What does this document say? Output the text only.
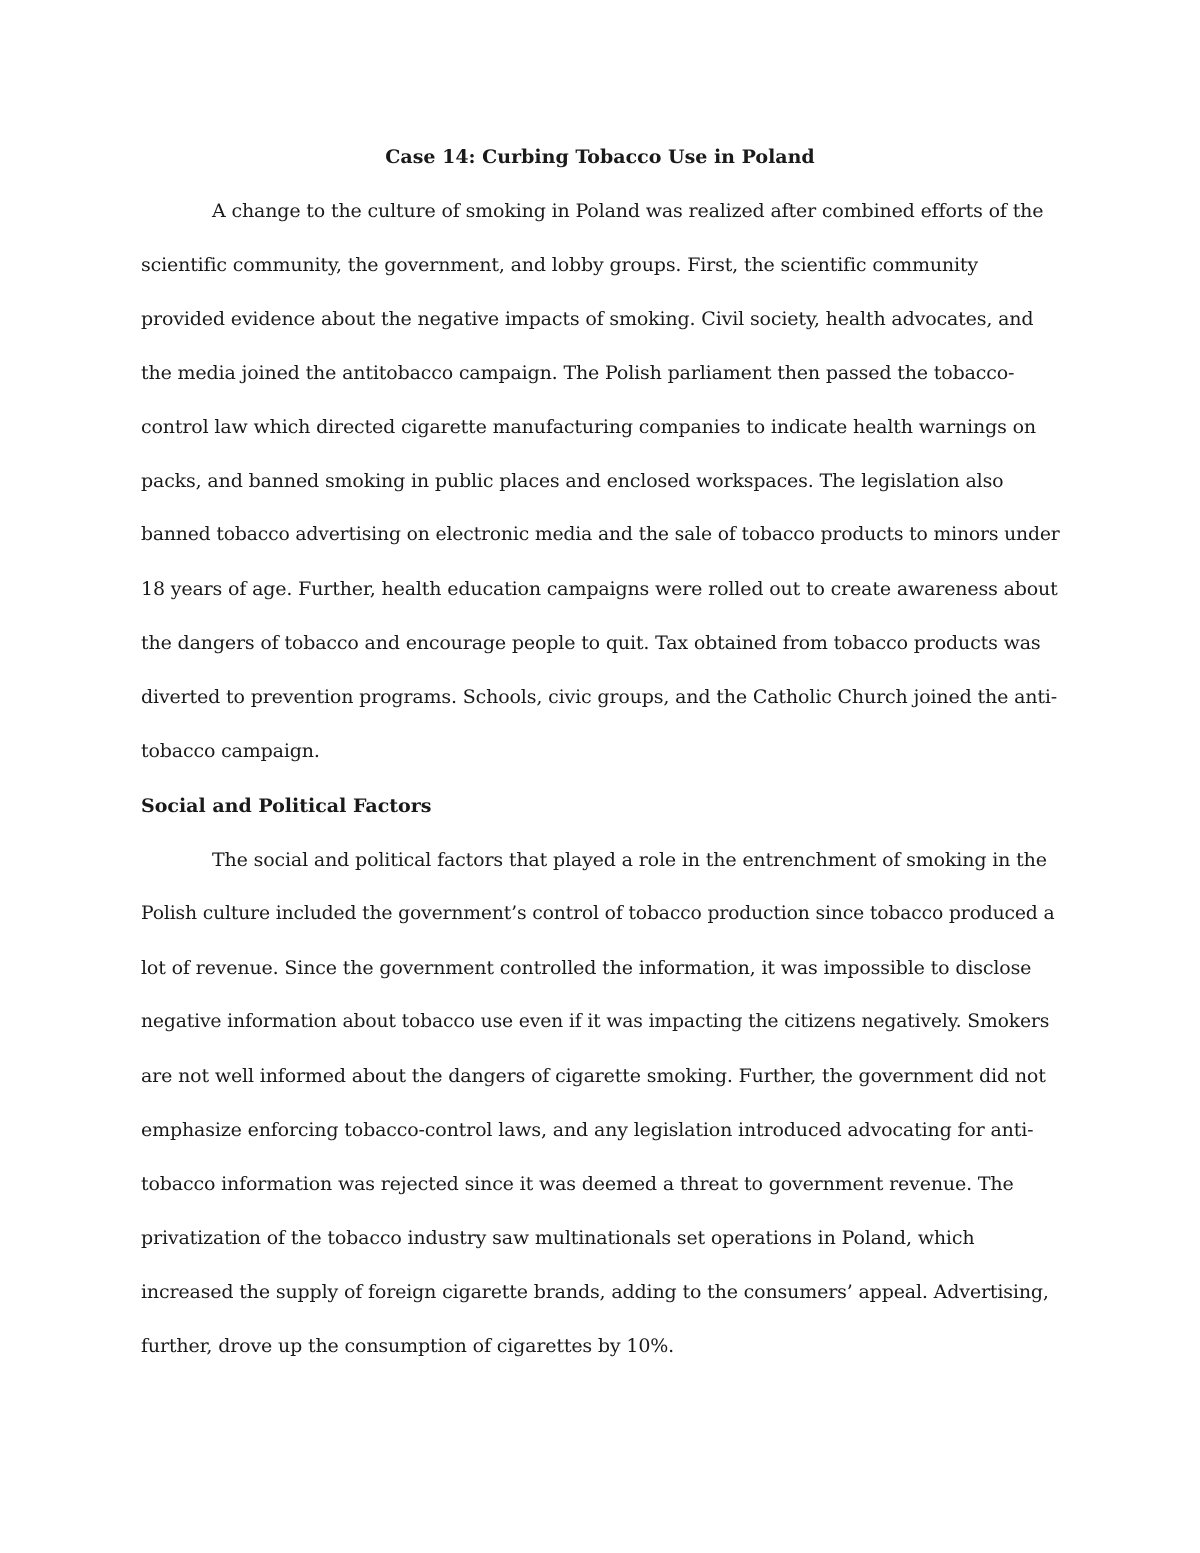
Case 14: Curbing Tobacco Use in Poland
A change to the culture of smoking in Poland was realized after combined efforts of the
scientific community, the government, and lobby groups. First, the scientific community
provided evidence about the negative impacts of smoking. Civil society, health advocates, and
the media joined the antitobacco campaign. The Polish parliament then passed the tobacco-
control law which directed cigarette manufacturing companies to indicate health warnings on
packs, and banned smoking in public places and enclosed workspaces. The legislation also
banned tobacco advertising on electronic media and the sale of tobacco products to minors under
18 years of age. Further, health education campaigns were rolled out to create awareness about
the dangers of tobacco and encourage people to quit. Tax obtained from tobacco products was
diverted to prevention programs. Schools, civic groups, and the Catholic Church joined the anti-
tobacco campaign.
Social and Political Factors
The social and political factors that played a role in the entrenchment of smoking in the
Polish culture included the government’s control of tobacco production since tobacco produced a
lot of revenue. Since the government controlled the information, it was impossible to disclose
negative information about tobacco use even if it was impacting the citizens negatively. Smokers
are not well informed about the dangers of cigarette smoking. Further, the government did not
emphasize enforcing tobacco-control laws, and any legislation introduced advocating for anti-
tobacco information was rejected since it was deemed a threat to government revenue. The
privatization of the tobacco industry saw multinationals set operations in Poland, which
increased the supply of foreign cigarette brands, adding to the consumers’ appeal. Advertising,
further, drove up the consumption of cigarettes by 10%.
